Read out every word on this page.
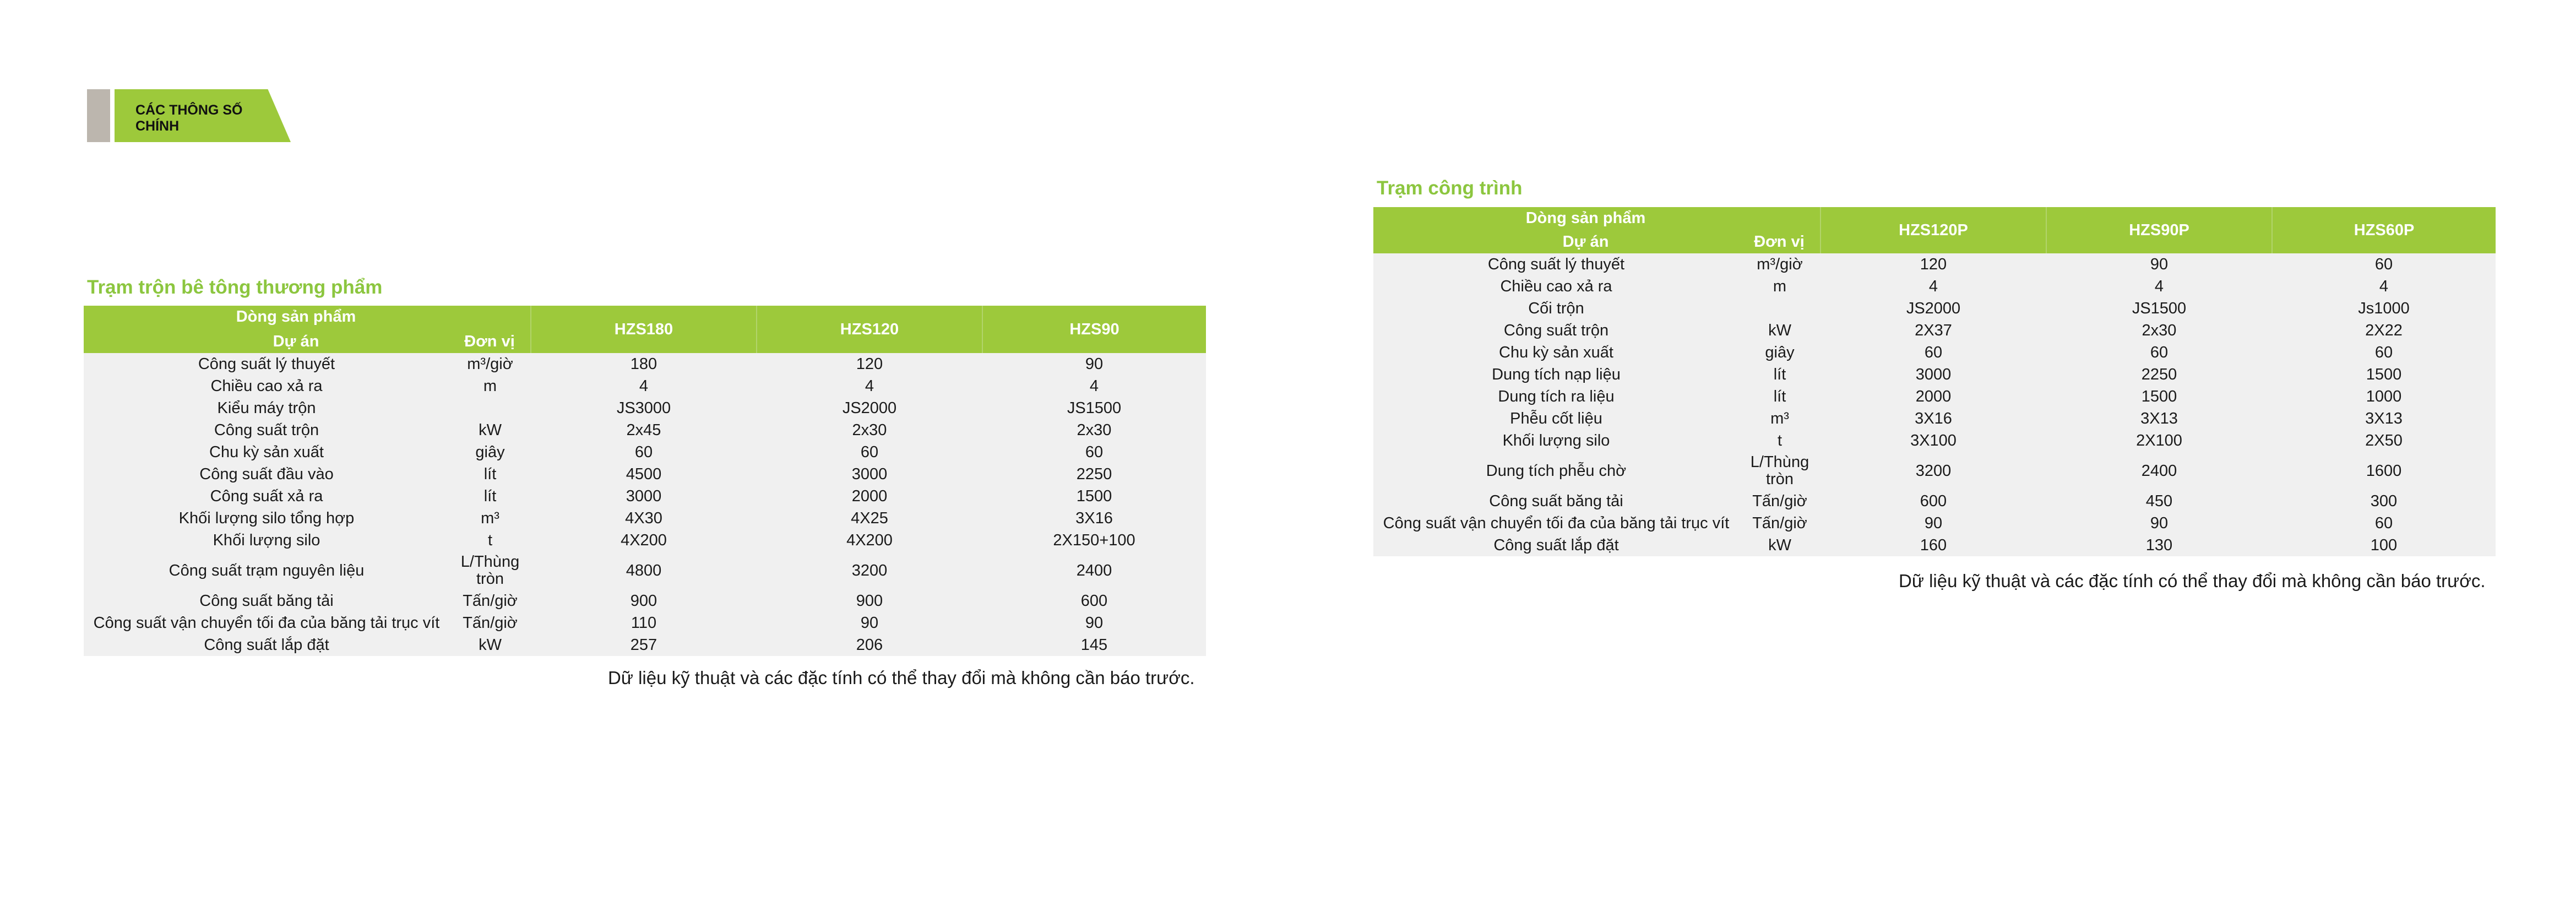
CÁC THÔNG SỐ CHÍNH
Trạm trộn bê tông thương phẩm
Dòng sản phẩm
Dự án Đơn vị		HZS180	HZS120	HZS90
Công suất lý thuyết	m³/giờ	180	120	90
Chiều cao xả ra	m	4	4	4
Kiểu máy trộn		JS3000	JS2000	JS1500
Công suất trộn	kW	2x45	2x30	2x30
Chu kỳ sản xuất	giây	60	60	60
Công suất đầu vào	lít	4500	3000	2250
Công suất xả ra	lít	3000	2000	1500
Khối lượng silo tổng hợp	m³	4X30	4X25	3X16
Khối lượng silo	t	4X200	4X200	2X150+100
Công suất trạm nguyên liệu	L/Thùng tròn	4800	3200	2400
Công suất băng tải	Tấn/giờ	900	900	600
Công suất vận chuyển tối đa của băng tải trục vít	Tấn/giờ	110	90	90
Công suất lắp đặt	kW	257	206	145
Dữ liệu kỹ thuật và các đặc tính có thể thay đổi mà không cần báo trước.
Trạm công trình
Dòng sản phẩm
Dự án Đơn vị		HZS120P	HZS90P	HZS60P
Công suất lý thuyết	m³/giờ	120	90	60
Chiều cao xả ra	m	4	4	4
Cối trộn		JS2000	JS1500	Js1000
Công suất trộn	kW	2X37	2x30	2X22
Chu kỳ sản xuất	giây	60	60	60
Dung tích nạp liệu	lít	3000	2250	1500
Dung tích ra liệu	lít	2000	1500	1000
Phễu cốt liệu	m³	3X16	3X13	3X13
Khối lượng silo	t	3X100	2X100	2X50
Dung tích phễu chờ	L/Thùng tròn	3200	2400	1600
Công suất băng tải	Tấn/giờ	600	450	300
Công suất vận chuyển tối đa của băng tải trục vít	Tấn/giờ	90	90	60
Công suất lắp đặt	kW	160	130	100
Dữ liệu kỹ thuật và các đặc tính có thể thay đổi mà không cần báo trước.
